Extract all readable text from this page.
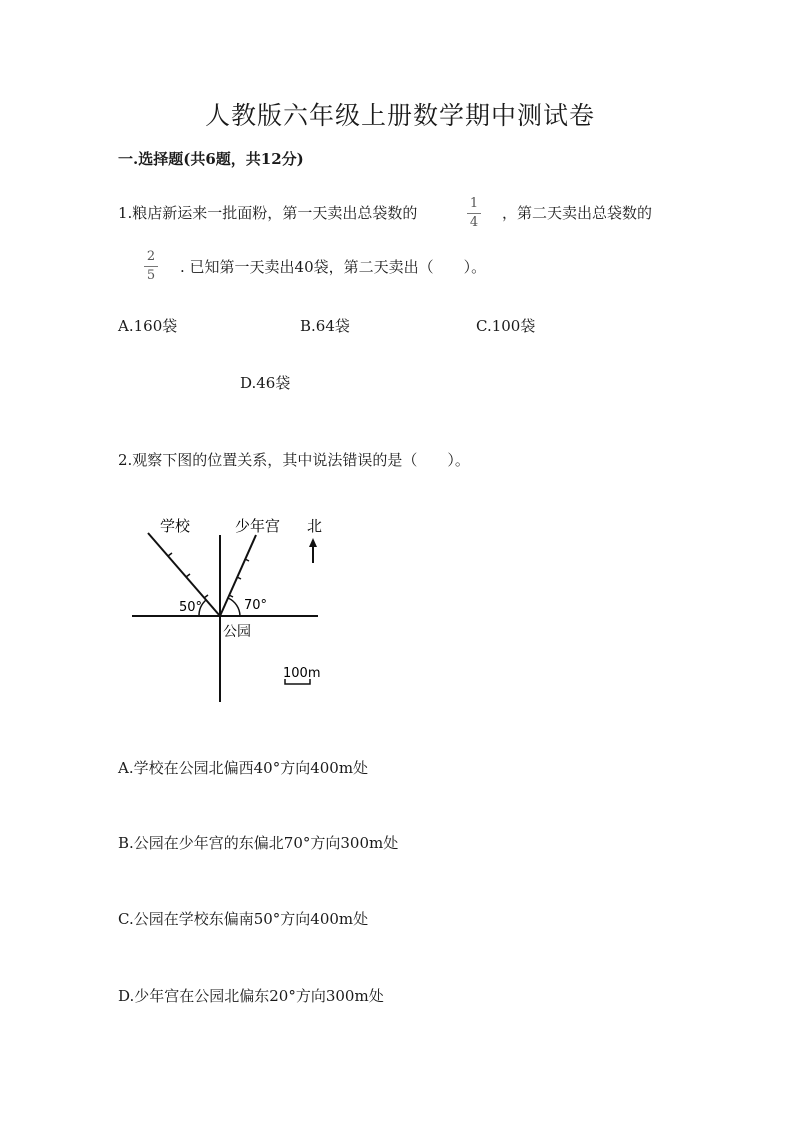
人教版六年级上册数学期中测试卷
一.选择题(共6题，共12分)
1.粮店新运来一批面粉，第一天卖出总袋数的
1
4
，第二天卖出总袋数的
2
5	. 已知第一天卖出40袋，第二天卖出（　　）。
A.160袋	B.64袋	C.100袋
D.46袋
2.观察下图的位置关系，其中说法错误的是（　　）。
学校	少年宫 北
50°	70°
公园
100m
A.学校在公园北偏西40°方向400m处
B.公园在少年宫的东偏北70°方向300m处
C.公园在学校东偏南50°方向400m处
D.少年宫在公园北偏东20°方向300m处
